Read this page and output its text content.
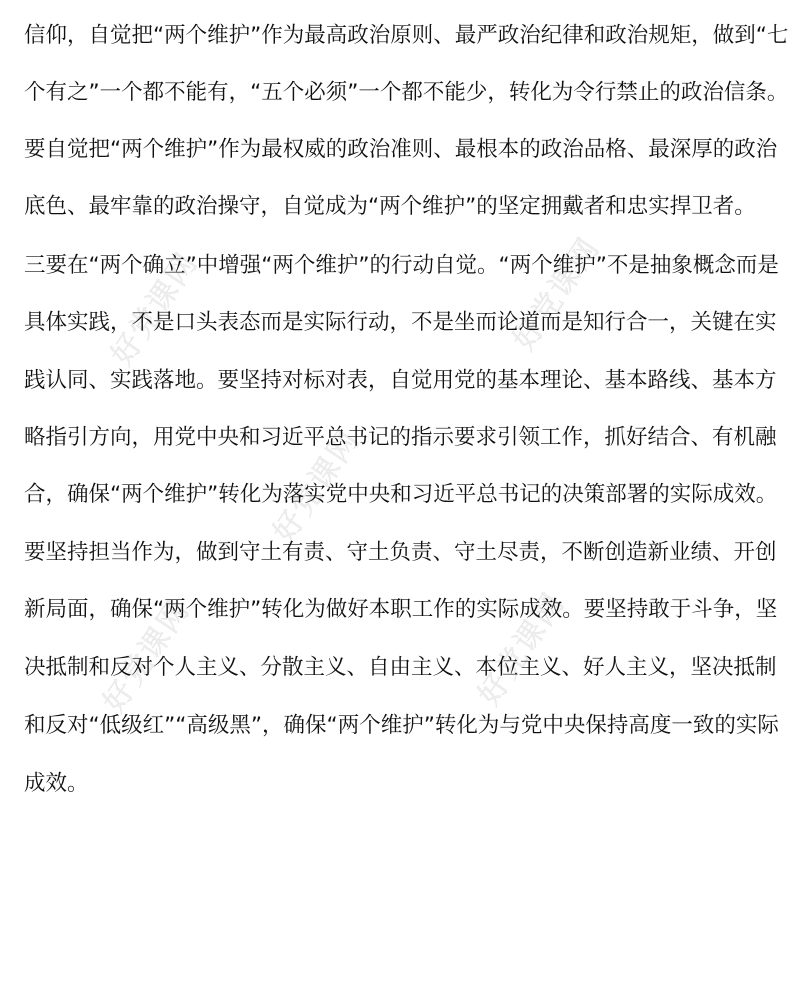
好党课网	好党课网
好党课网
好党课网	好党课网
信仰，自觉把“两个维护”作为最高政治原则、最严政治纪律和政治规矩，做到“七
个有之”一个都不能有，“五个必须”一个都不能少，转化为令行禁止的政治信条。
要自觉把“两个维护”作为最权威的政治准则、最根本的政治品格、最深厚的政治
底色、最牢靠的政治操守，自觉成为“两个维护”的坚定拥戴者和忠实捍卫者。
三要在“两个确立”中增强“两个维护”的行动自觉。“两个维护”不是抽象概念而是
具体实践，不是口头表态而是实际行动，不是坐而论道而是知行合一，关键在实
践认同、实践落地。要坚持对标对表，自觉用党的基本理论、基本路线、基本方
略指引方向，用党中央和习近平总书记的指示要求引领工作，抓好结合、有机融
合，确保“两个维护”转化为落实党中央和习近平总书记的决策部署的实际成效。
要坚持担当作为，做到守土有责、守土负责、守土尽责，不断创造新业绩、开创
新局面，确保“两个维护”转化为做好本职工作的实际成效。要坚持敢于斗争，坚
决抵制和反对个人主义、分散主义、自由主义、本位主义、好人主义，坚决抵制
和反对“低级红”“高级黑”，确保“两个维护”转化为与党中央保持高度一致的实际
成效。
